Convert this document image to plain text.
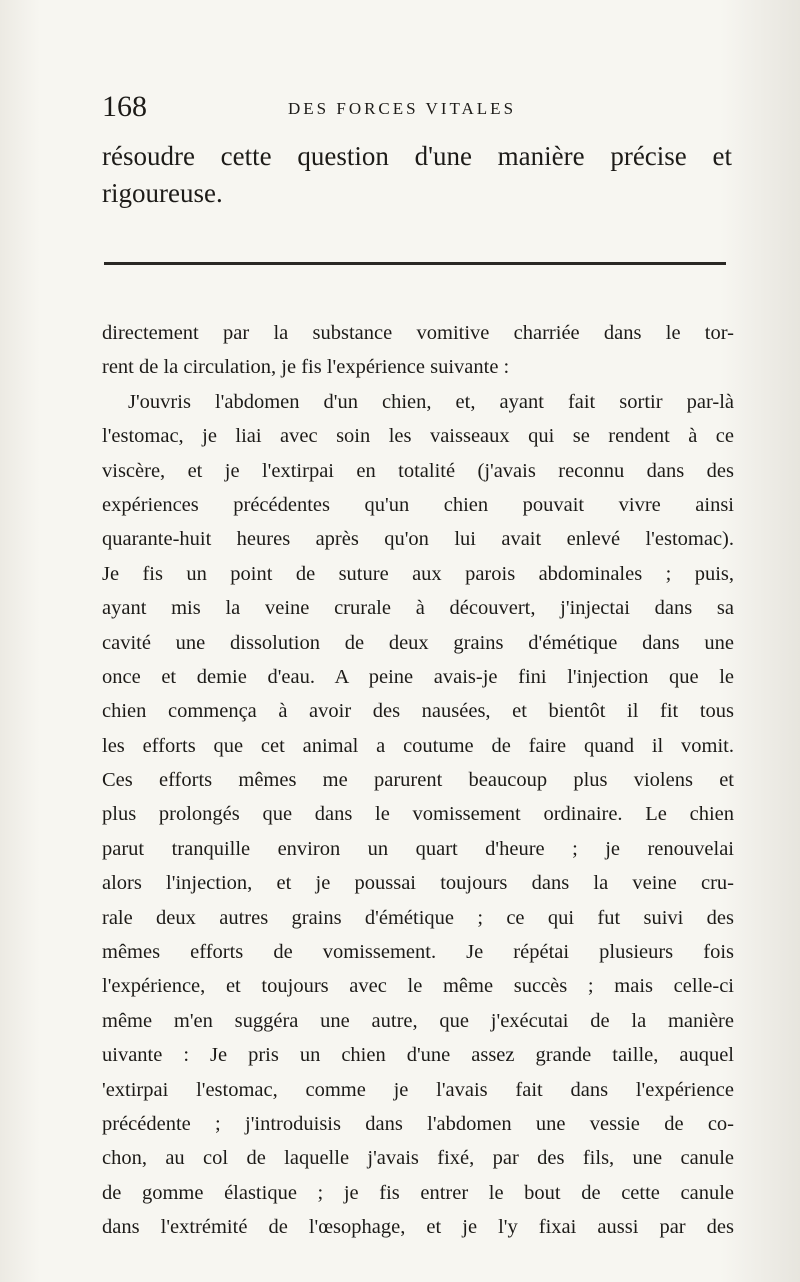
168	DES FORCES VITALES
résoudre cette question d'une manière précise et
rigoureuse.
directement par la substance vomitive charriée dans le tor-
rent de la circulation, je fis l'expérience suivante :
J'ouvris l'abdomen d'un chien, et, ayant fait sortir par-là
l'estomac, je liai avec soin les vaisseaux qui se rendent à ce
viscère, et je l'extirpai en totalité (j'avais reconnu dans des
expériences précédentes qu'un chien pouvait vivre ainsi
quarante-huit heures après qu'on lui avait enlevé l'estomac).
Je fis un point de suture aux parois abdominales ; puis,
ayant mis la veine crurale à découvert, j'injectai dans sa
cavité une dissolution de deux grains d'émétique dans une
once et demie d'eau. A peine avais-je fini l'injection que le
chien commença à avoir des nausées, et bientôt il fit tous
les efforts que cet animal a coutume de faire quand il vomit.
Ces efforts mêmes me parurent beaucoup plus violens et
plus prolongés que dans le vomissement ordinaire. Le chien
parut tranquille environ un quart d'heure ; je renouvelai
alors l'injection, et je poussai toujours dans la veine cru-
rale deux autres grains d'émétique ; ce qui fut suivi des
mêmes efforts de vomissement. Je répétai plusieurs fois
l'expérience, et toujours avec le même succès ; mais celle-ci
même m'en suggéra une autre, que j'exécutai de la manière
uivante : Je pris un chien d'une assez grande taille, auquel
'extirpai l'estomac, comme je l'avais fait dans l'expérience
précédente ; j'introduisis dans l'abdomen une vessie de co-
chon, au col de laquelle j'avais fixé, par des fils, une canule
de gomme élastique ; je fis entrer le bout de cette canule
dans l'extrémité de l'œsophage, et je l'y fixai aussi par des
